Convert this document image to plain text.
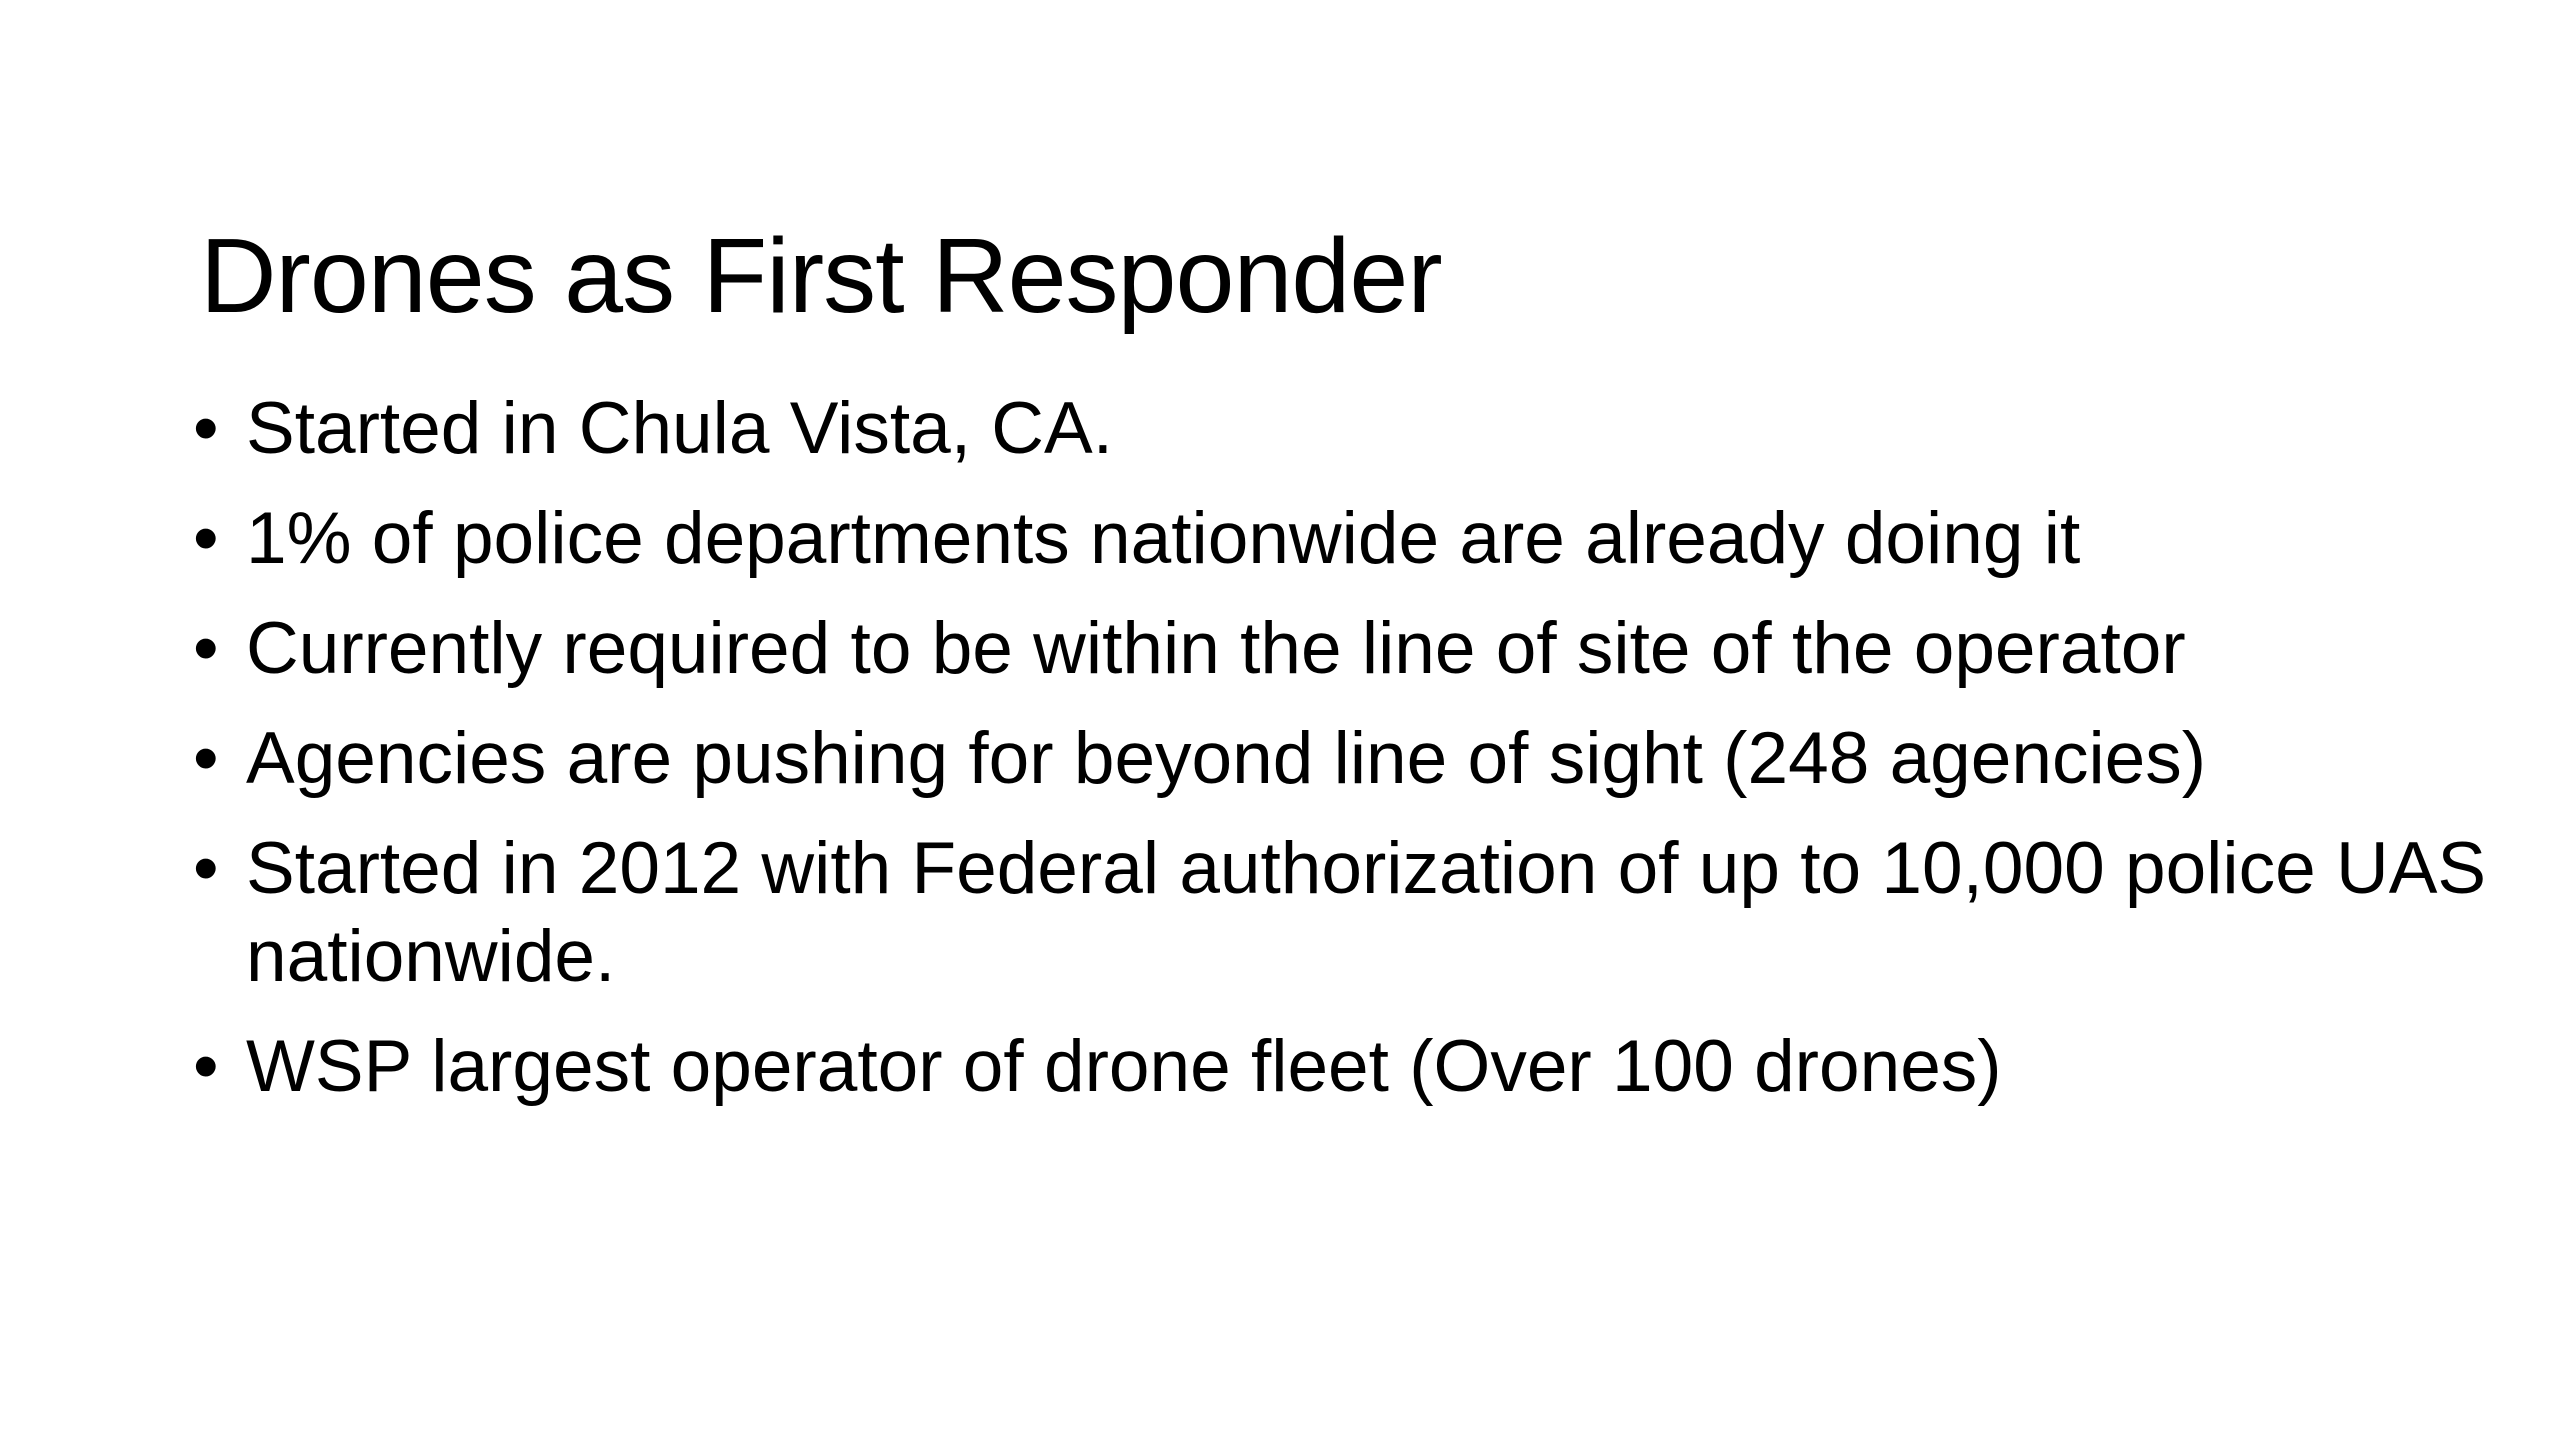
Drones as First Responder
• Started in Chula Vista, CA.
• 1% of police departments nationwide are already doing it
• Currently required to be within the line of site of the operator
• Agencies are pushing for beyond line of sight (248 agencies)
• Started in 2012 with Federal authorization of up to 10,000 police UAS nationwide.
• WSP largest operator of drone fleet (Over 100 drones)
